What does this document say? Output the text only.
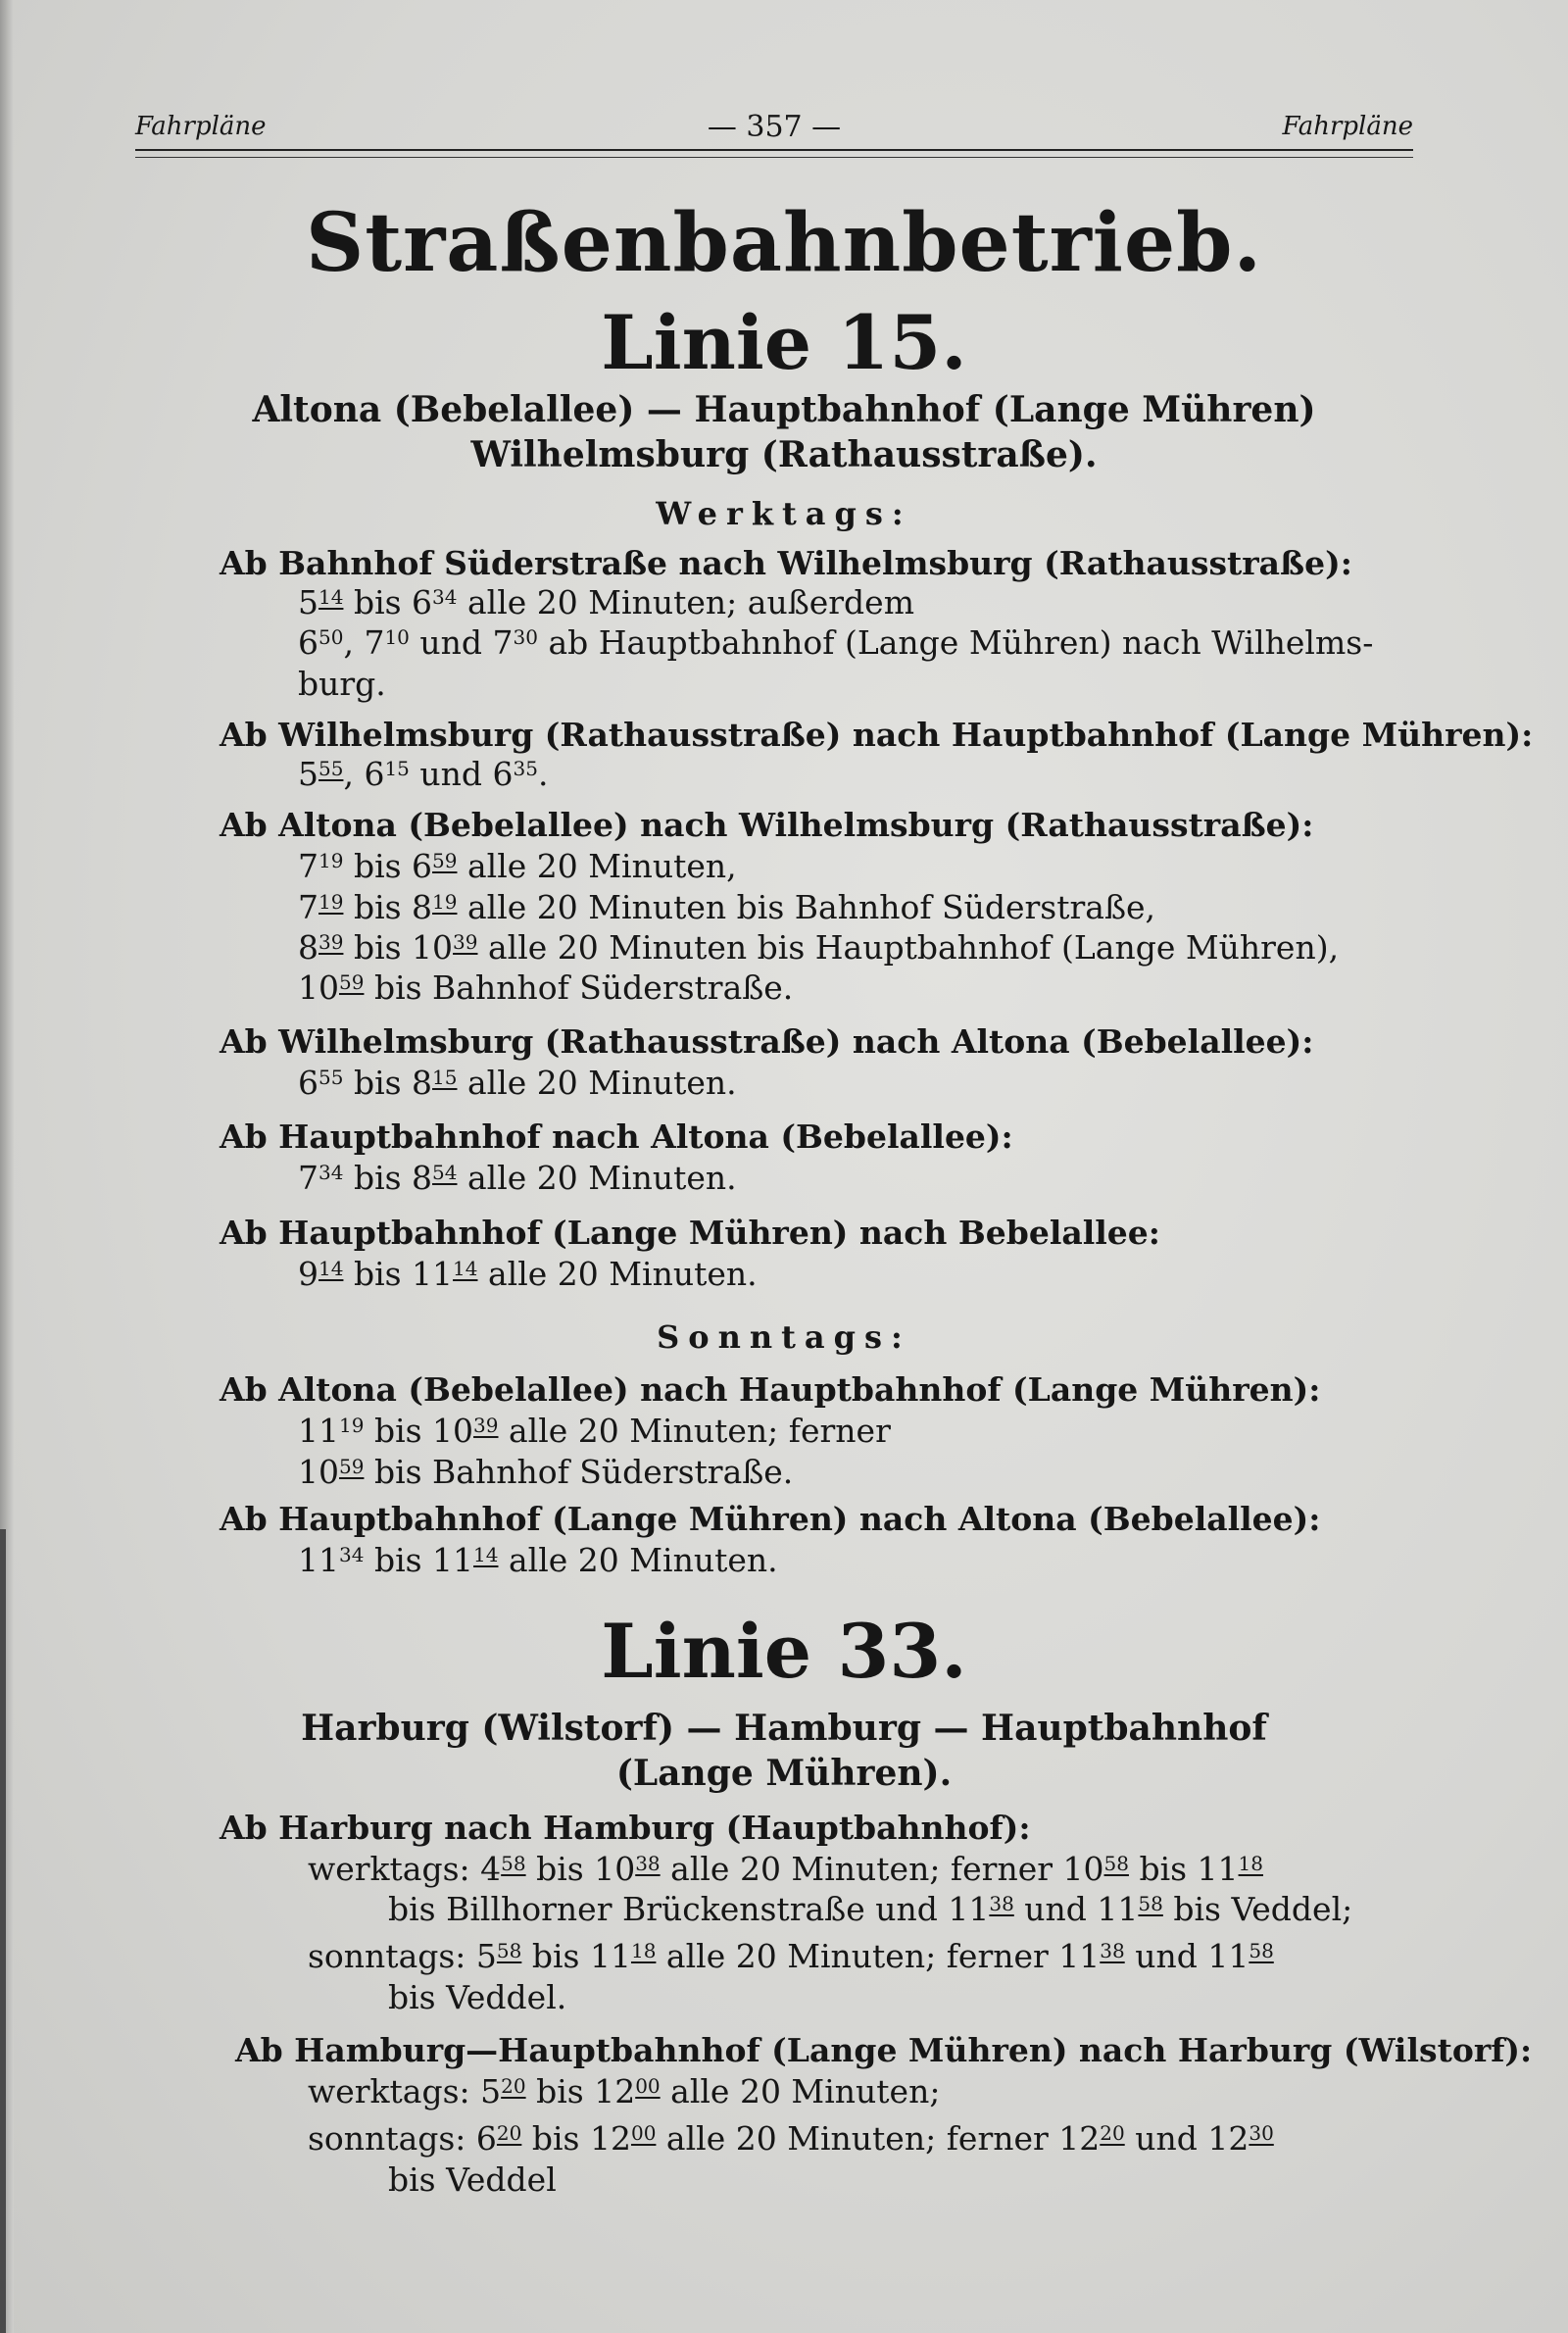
Fahrpläne	— 357 —	Fahrpläne
Straßenbahnbetrieb.
Linie 15.
Altona (Bebelallee) — Hauptbahnhof (Lange Mühren)
Wilhelmsburg (Rathausstraße).
Werktags:
Ab Bahnhof Süderstraße nach Wilhelmsburg (Rathausstraße):
$5^{14}$ bis $6^{34}$ alle 20 Minuten; außerdem
$6^{50}$, $7^{10}$ und $7^{30}$ ab Hauptbahnhof (Lange Mühren) nach Wilhelms-
burg.
Ab Wilhelmsburg (Rathausstraße) nach Hauptbahnhof (Lange Mühren):
$5^{55}$, $6^{15}$ und $6^{35}$.
Ab Altona (Bebelallee) nach Wilhelmsburg (Rathausstraße):
$7^{19}$ bis $6^{59}$ alle 20 Minuten,
$7^{19}$ bis $8^{19}$ alle 20 Minuten bis Bahnhof Süderstraße,
$8^{39}$ bis $10^{39}$ alle 20 Minuten bis Hauptbahnhof (Lange Mühren),
$10^{59}$ bis Bahnhof Süderstraße.
Ab Wilhelmsburg (Rathausstraße) nach Altona (Bebelallee):
$6^{55}$ bis $8^{15}$ alle 20 Minuten.
Ab Hauptbahnhof nach Altona (Bebelallee):
$7^{34}$ bis $8^{54}$ alle 20 Minuten.
Ab Hauptbahnhof (Lange Mühren) nach Bebelallee:
$9^{14}$ bis $11^{14}$ alle 20 Minuten.
Sonntags:
Ab Altona (Bebelallee) nach Hauptbahnhof (Lange Mühren):
$11^{19}$ bis $10^{39}$ alle 20 Minuten; ferner
$10^{59}$ bis Bahnhof Süderstraße.
Ab Hauptbahnhof (Lange Mühren) nach Altona (Bebelallee):
$11^{34}$ bis $11^{14}$ alle 20 Minuten.
Linie 33.
Harburg (Wilstorf) — Hamburg — Hauptbahnhof
(Lange Mühren).
Ab Harburg nach Hamburg (Hauptbahnhof):
werktags: $4^{58}$ bis $10^{38}$ alle 20 Minuten; ferner $10^{58}$ bis $11^{18}$
bis Billhorner Brückenstraße und $11^{38}$ und $11^{58}$ bis Veddel;
sonntags: $5^{58}$ bis $11^{18}$ alle 20 Minuten; ferner $11^{38}$ und $11^{58}$
bis Veddel.
Ab Hamburg—Hauptbahnhof (Lange Mühren) nach Harburg (Wilstorf):
werktags: $5^{20}$ bis $12^{00}$ alle 20 Minuten;
sonntags: $6^{20}$ bis $12^{00}$ alle 20 Minuten; ferner $12^{20}$ und $12^{30}$
bis Veddel
